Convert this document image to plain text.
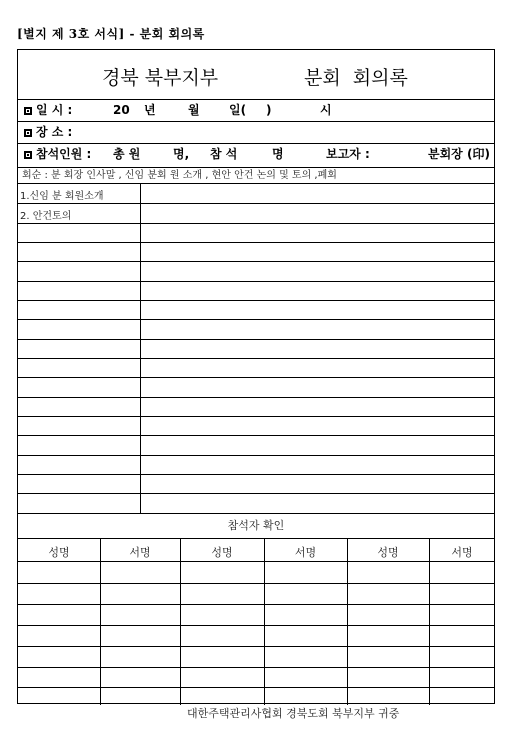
[별지 제 3호 서식] - 분회 회의록
경북 북부지부	분회  회의록
일 시 :	20 년	월 일( )	시
장 소 :
참석인원 : 총 원	명, 참 석	명	보고자 :	분회장 (印)
회순 : 분 회장 인사말 , 신임 분회 원 소개 , 현안 안건 논의 및 토의 ,폐회
1.신임 분 회원소개
2. 안건토의
참석자 확인
성명	서명	성명	서명	성명	서명
대한주택관리사협회 경북도회 북부지부 귀중
